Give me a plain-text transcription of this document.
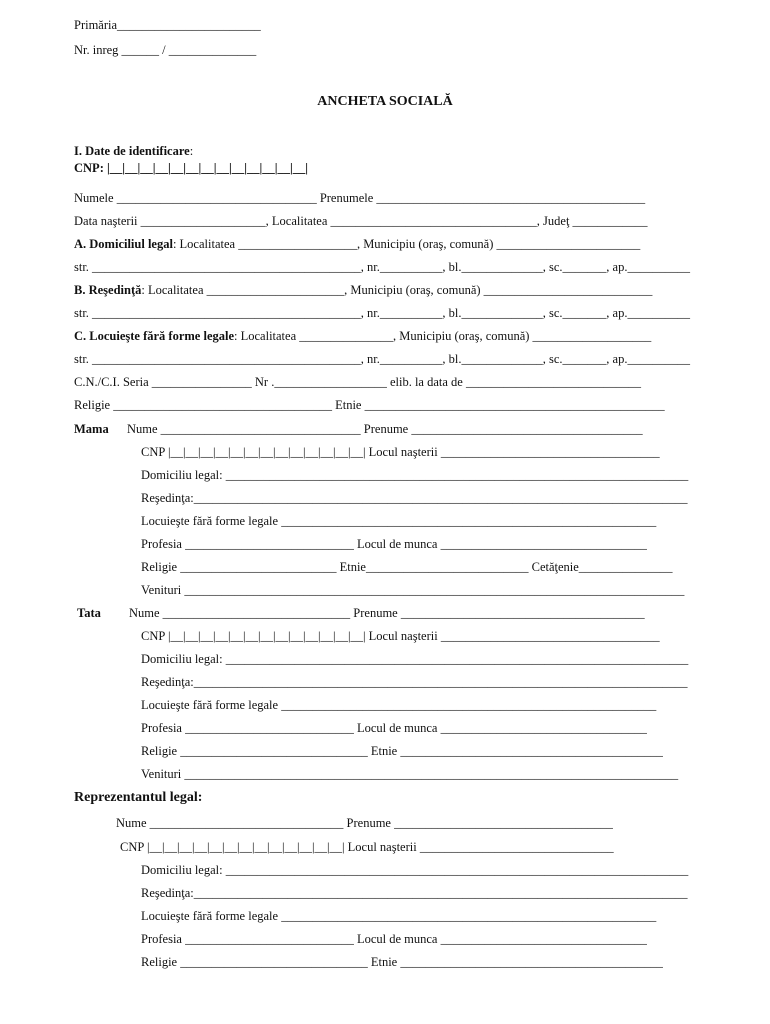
Primăria_______________________
Nr. inreg ______ / ______________
ANCHETA SOCIALĂ
I. Date de identificare:
CNP: |__|__|__|__|__|__|__|__|__|__|__|__|__|
Numele ________________________________ Prenumele ___________________________________________
Data naşterii ____________________, Localitatea _________________________________, Judeţ ____________
A. Domiciliul legal: Localitatea ___________________, Municipiu (oraş, comună) _______________________
str. ___________________________________________, nr.__________, bl._____________, sc._______, ap.__________
B. Reşedinţă: Localitatea ______________________, Municipiu (oraş, comună) ___________________________
str. ___________________________________________, nr.__________, bl._____________, sc._______, ap.__________
C. Locuieşte fără forme legale: Localitatea _______________, Municipiu (oraş, comună) ___________________
str. ___________________________________________, nr.__________, bl._____________, sc._______, ap.__________
C.N./C.I. Seria ________________ Nr .__________________ elib. la data de ____________________________
Religie ___________________________________ Etnie ________________________________________________
Mama Nume ________________________________ Prenume _____________________________________
CNP |__|__|__|__|__|__|__|__|__|__|__|__|__| Locul naşterii ___________________________________
Domiciliu legal: __________________________________________________________________________
Reşedinţa:_______________________________________________________________________________
Locuieşte fără forme legale ____________________________________________________________
Profesia ___________________________ Locul de munca _________________________________
Religie _________________________ Etnie__________________________ Cetăţenie_______________
Venituri ________________________________________________________________________________
Tata Nume ______________________________ Prenume _______________________________________
CNP |__|__|__|__|__|__|__|__|__|__|__|__|__| Locul naşterii ___________________________________
Domiciliu legal: __________________________________________________________________________
Reşedinţa:_______________________________________________________________________________
Locuieşte fără forme legale ____________________________________________________________
Profesia ___________________________ Locul de munca _________________________________
Religie ______________________________ Etnie __________________________________________
Venituri _______________________________________________________________________________
Reprezentantul legal:
Nume _______________________________ Prenume ___________________________________
CNP |__|__|__|__|__|__|__|__|__|__|__|__|__| Locul naşterii _______________________________
Domiciliu legal: __________________________________________________________________________
Reşedinţa:_______________________________________________________________________________
Locuieşte fără forme legale ____________________________________________________________
Profesia ___________________________ Locul de munca _________________________________
Religie ______________________________ Etnie __________________________________________
